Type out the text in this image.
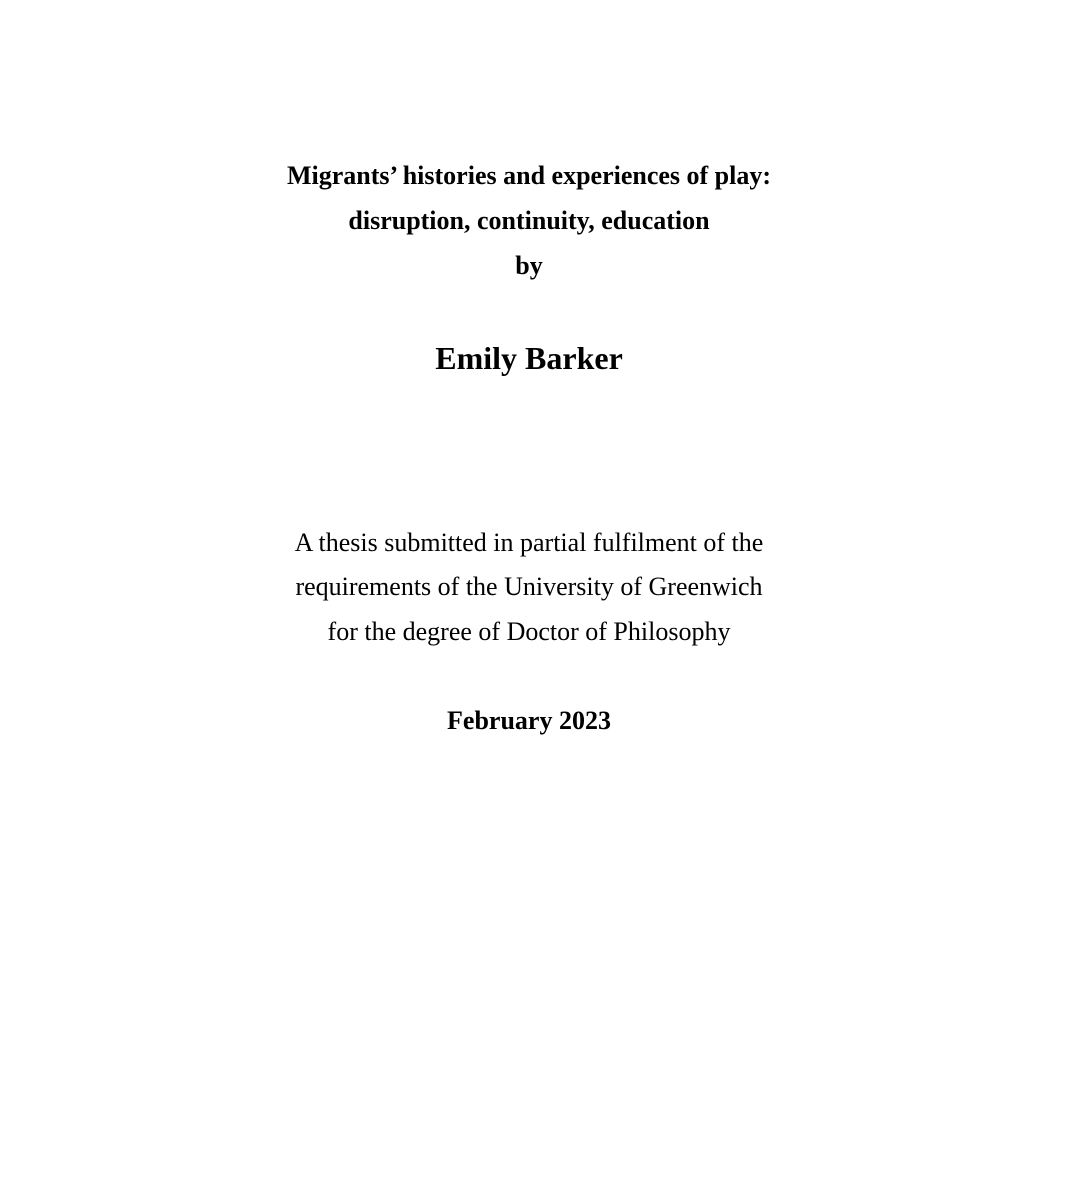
Migrants’ histories and experiences of play:
disruption, continuity, education
by
Emily Barker
A thesis submitted in partial fulfilment of the
requirements of the University of Greenwich
for the degree of Doctor of Philosophy
February 2023
